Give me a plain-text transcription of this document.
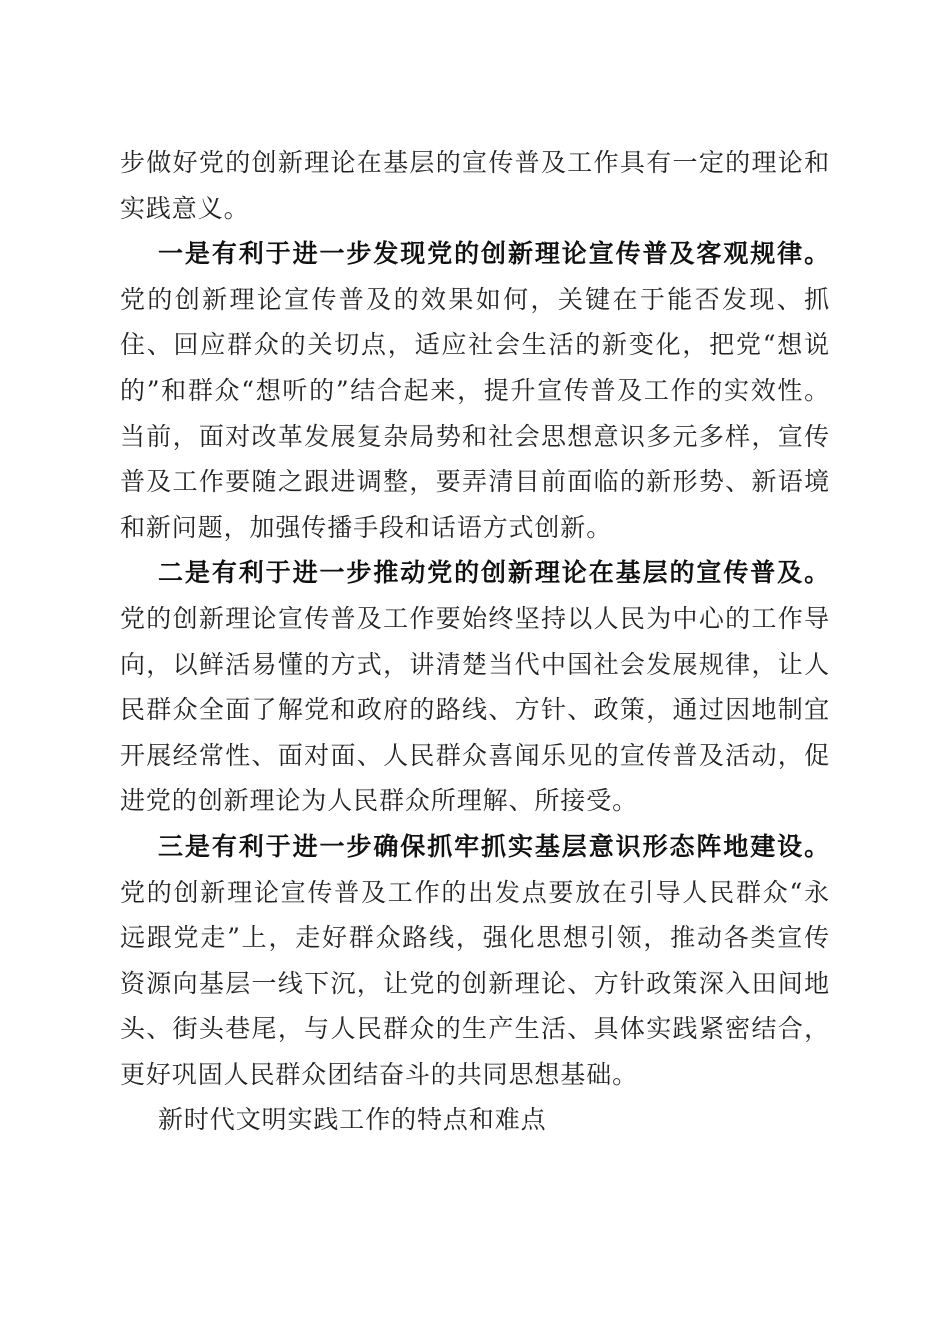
步做好党的创新理论在基层的宣传普及工作具有一定的理论和实践意义。

一是有利于进一步发现党的创新理论宣传普及客观规律。党的创新理论宣传普及的效果如何，关键在于能否发现、抓住、回应群众的关切点，适应社会生活的新变化，把党“想说的”和群众“想听的”结合起来，提升宣传普及工作的实效性。当前，面对改革发展复杂局势和社会思想意识多元多样，宣传普及工作要随之跟进调整，要弄清目前面临的新形势、新语境和新问题，加强传播手段和话语方式创新。

二是有利于进一步推动党的创新理论在基层的宣传普及。党的创新理论宣传普及工作要始终坚持以人民为中心的工作导向，以鲜活易懂的方式，讲清楚当代中国社会发展规律，让人民群众全面了解党和政府的路线、方针、政策，通过因地制宜开展经常性、面对面、人民群众喜闻乐见的宣传普及活动，促进党的创新理论为人民群众所理解、所接受。

三是有利于进一步确保抓牢抓实基层意识形态阵地建设。党的创新理论宣传普及工作的出发点要放在引导人民群众“永远跟党走”上，走好群众路线，强化思想引领，推动各类宣传资源向基层一线下沉，让党的创新理论、方针政策深入田间地头、街头巷尾，与人民群众的生产生活、具体实践紧密结合，更好巩固人民群众团结奋斗的共同思想基础。

新时代文明实践工作的特点和难点
